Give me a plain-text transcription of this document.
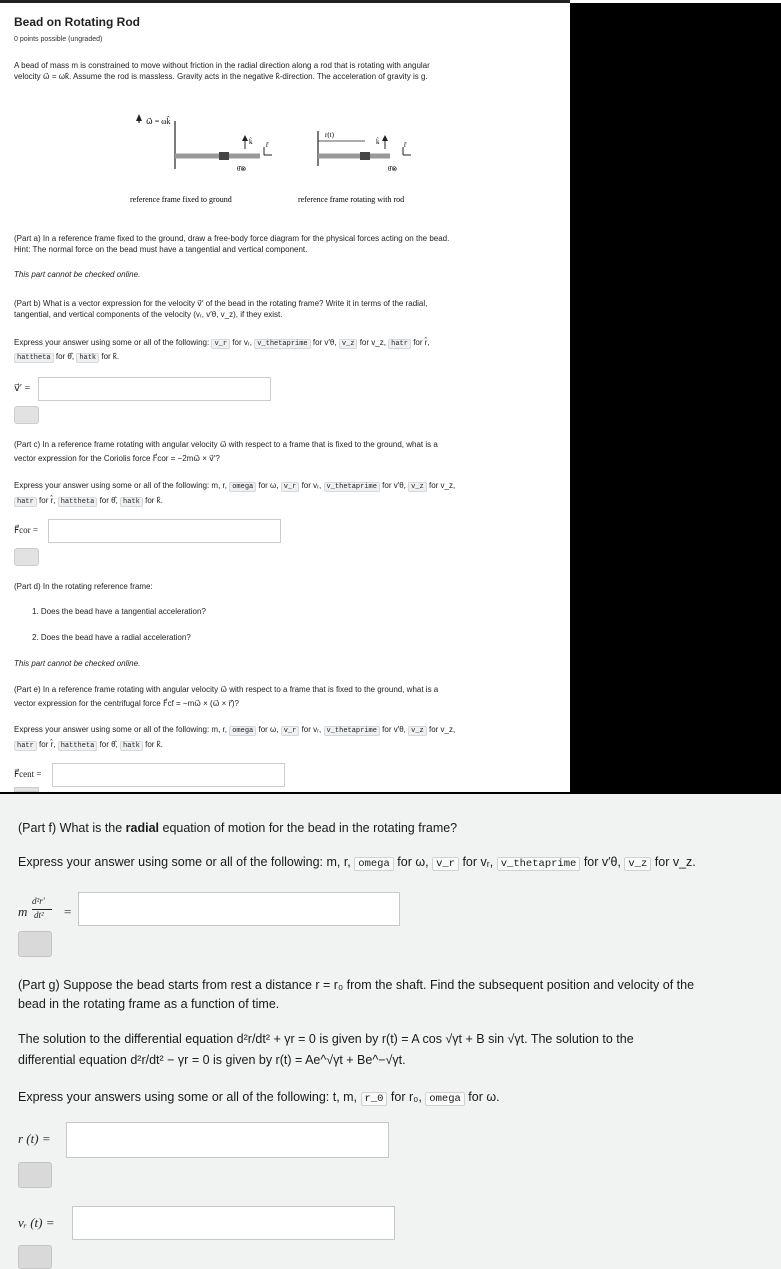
Bead on Rotating Rod
0 points possible (ungraded)
A bead of mass m is constrained to move without friction in the radial direction along a rod that is rotating with angular
velocity ω⃗ = ωk̂. Assume the rod is massless. Gravity acts in the negative k̂-direction. The acceleration of gravity is g.
ω⃗ = ωk̂
k̂ r̂
θ̂⊗
reference frame fixed to ground
r(t)
k̂	r̂
θ̂⊗
reference frame rotating with rod
(Part a) In a reference frame fixed to the ground, draw a free-body force diagram for the physical forces acting on the bead.
Hint: The normal force on the bead must have a tangential and vertical component.
This part cannot be checked online.
(Part b) What is a vector expression for the velocity v⃗′ of the bead in the rotating frame? Write it in terms of the radial,
tangential, and vertical components of the velocity (vᵣ, v′θ, v_z), if they exist.
Express your answer using some or all of the following: v_r for vᵣ, v_thetaprime for v′θ, v_z for v_z, hatr for r̂,
hattheta for θ̂, hatk for k̂.
v⃗′ =
(Part c) In a reference frame rotating with angular velocity ω⃗ with respect to a frame that is fixed to the ground, what is a
vector expression for the Coriolis force F⃗cor = −2mω⃗ × v⃗′?
Express your answer using some or all of the following: m, r, omega for ω, v_r for vᵣ, v_thetaprime for v′θ, v_z for v_z,
hatr for r̂, hattheta for θ̂, hatk for k̂.
F⃗cor =
(Part d) In the rotating reference frame:
1. Does the bead have a tangential acceleration?
2. Does the bead have a radial acceleration?
This part cannot be checked online.
(Part e) In a reference frame rotating with angular velocity ω⃗ with respect to a frame that is fixed to the ground, what is a
vector expression for the centrifugal force F⃗cf = −mω⃗ × (ω⃗ × r⃗)?
Express your answer using some or all of the following: m, r, omega for ω, v_r for vᵣ, v_thetaprime for v′θ, v_z for v_z,
hatr for r̂, hattheta for θ̂, hatk for k̂.
F⃗cent =
(Part f) What is the radial equation of motion for the bead in the rotating frame?
Express your answer using some or all of the following: m, r, omega for ω, v_r for vᵣ, v_thetaprime for v′θ, v_z for v_z.
m
d²r′
dt² =
(Part g) Suppose the bead starts from rest a distance r = r₀ from the shaft. Find the subsequent position and velocity of the
bead in the rotating frame as a function of time.
The solution to the differential equation d²r/dt² + γr = 0 is given by r(t) = A cos √γt + B sin √γt. The solution to the
differential equation d²r/dt² − γr = 0 is given by r(t) = Ae^√γt + Be^−√γt.
Express your answers using some or all of the following: t, m, r_0 for r₀, omega for ω.
r (t) =
vᵣ (t) =
